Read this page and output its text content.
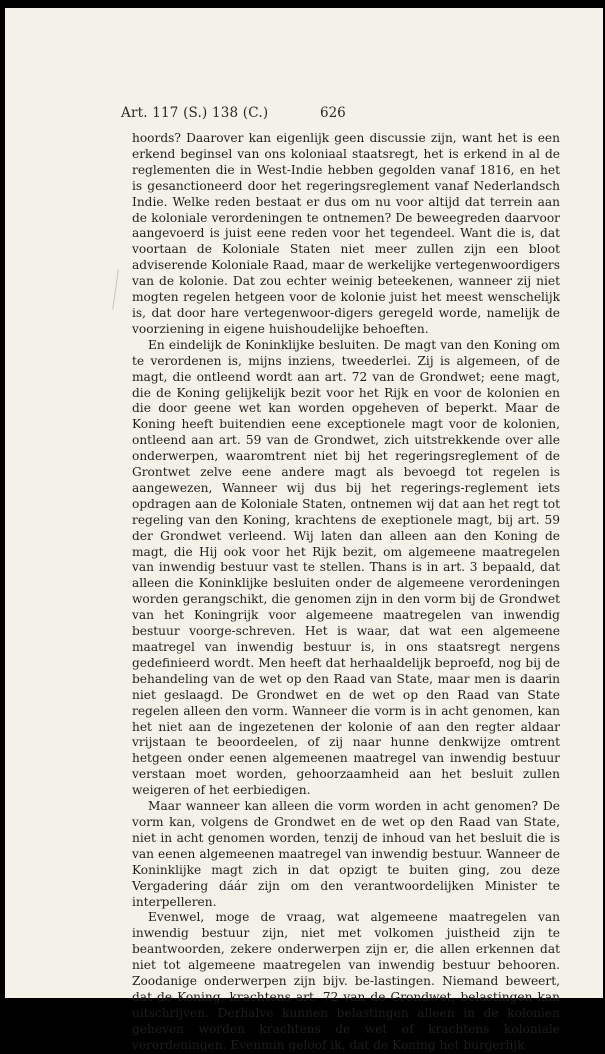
Art. 117 (S.) 138 (C.)	626

hoords? Daarover kan eigenlijk geen discussie zijn, want het is een erkend beginsel van ons koloniaal staatsregt, het is erkend in al de reglementen die in West-Indie hebben gegolden vanaf 1816, en het is gesanctioneerd door het regeringsreglement vanaf Nederlandsch Indie. Welke reden bestaat er dus om nu voor altijd dat terrein aan de koloniale verordeningen te ontnemen? De beweegreden daarvoor aangevoerd is juist eene reden voor het tegendeel. Want die is, dat voortaan de Koloniale Staten niet meer zullen zijn een bloot adviserende Koloniale Raad, maar de werkelijke vertegenwoordigers van de kolonie. Dat zou echter weinig beteekenen, wanneer zij niet mogten regelen hetgeen voor de kolonie juist het meest wenschelijk is, dat door hare vertegenwoor-digers geregeld worde, namelijk de voorziening in eigene huishoudelijke behoeften.

En eindelijk de Koninklijke besluiten. De magt van den Koning om te verordenen is, mijns inziens, tweederlei. Zij is algemeen, of de magt, die ontleend wordt aan art. 72 van de Grondwet; eene magt, die de Koning gelijkelijk bezit voor het Rijk en voor de kolonien en die door geene wet kan worden opgeheven of beperkt. Maar de Koning heeft buitendien eene exceptionele magt voor de kolonien, ontleend aan art. 59 van de Grondwet, zich uitstrekkende over alle onderwerpen, waaromtrent niet bij het regeringsreglement of de Grontwet zelve eene andere magt als bevoegd tot regelen is aangewezen, Wanneer wij dus bij het regerings-reglement iets opdragen aan de Koloniale Staten, ontnemen wij dat aan het regt tot regeling van den Koning, krachtens de exeptionele magt, bij art. 59 der Grondwet verleend. Wij laten dan alleen aan den Koning de magt, die Hij ook voor het Rijk bezit, om algemeene maatregelen van inwendig bestuur vast te stellen. Thans is in art. 3 bepaald, dat alleen die Koninklijke besluiten onder de algemeene verordeningen worden gerangschikt, die genomen zijn in den vorm bij de Grondwet van het Koningrijk voor algemeene maatregelen van inwendig bestuur voorge-schreven. Het is waar, dat wat een algemeene maatregel van inwendig bestuur is, in ons staatsregt nergens gedefinieerd wordt. Men heeft dat herhaaldelijk beproefd, nog bij de behandeling van de wet op den Raad van State, maar men is daarin niet geslaagd. De Grondwet en de wet op den Raad van State regelen alleen den vorm. Wanneer die vorm is in acht genomen, kan het niet aan de ingezetenen der kolonie of aan den regter aldaar vrijstaan te beoordeelen, of zij naar hunne denkwijze omtrent hetgeen onder eenen algemeenen maatregel van inwendig bestuur verstaan moet worden, gehoorzaamheid aan het besluit zullen weigeren of het eerbiedigen.

Maar wanneer kan alleen die vorm worden in acht genomen? De vorm kan, volgens de Grondwet en de wet op den Raad van State, niet in acht genomen worden, tenzij de inhoud van het besluit die is van eenen algemeenen maatregel van inwendig bestuur. Wanneer de Koninklijke magt zich in dat opzigt te buiten ging, zou deze Vergadering dáár zijn om den verantwoordelijken Minister te interpelleren.

Evenwel, moge de vraag, wat algemeene maatregelen van inwendig bestuur zijn, niet met volkomen juistheid zijn te beantwoorden, zekere onderwerpen zijn er, die allen erkennen dat niet tot algemeene maatregelen van inwendig bestuur behooren. Zoodanige onderwerpen zijn bijv. be-lastingen. Niemand beweert, dat de Koning, krachtens art. 72 van de Grondwet, belastingen kan uitschrijven. Derhalve kunnen belastingen alleen in de kolonien geheven worden krachtens de wet of krachtens koloniale verordeningen. Evenmin geloof ik, dat de Koning het burgerlijk
